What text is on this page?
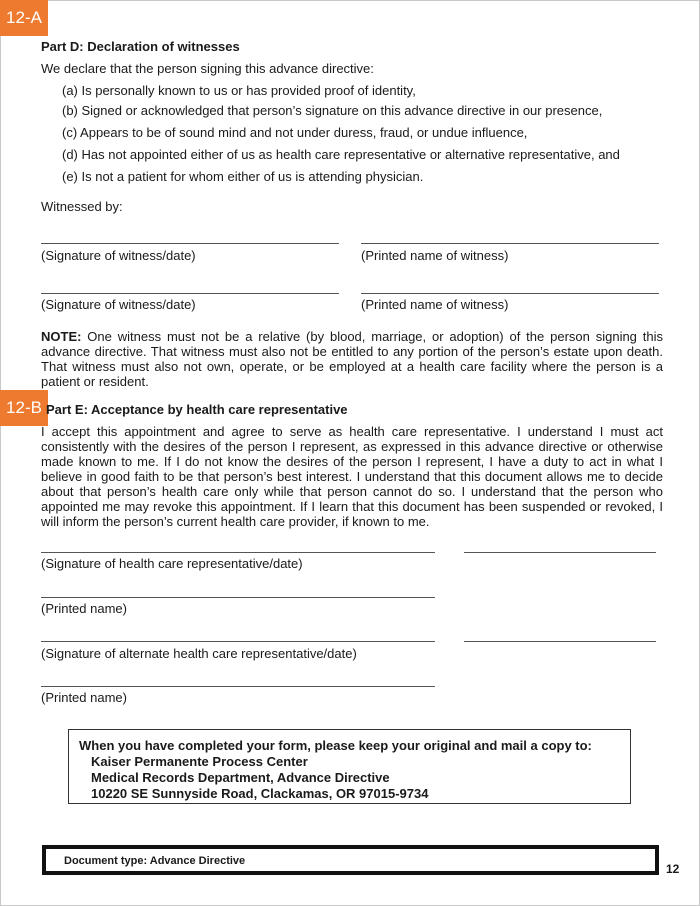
12-A
12-B
Part D: Declaration of witnesses
We declare that the person signing this advance directive:
(a) Is personally known to us or has provided proof of identity,
(b) Signed or acknowledged that person’s signature on this advance directive in our presence,
(c) Appears to be of sound mind and not under duress, fraud, or undue influence,
(d) Has not appointed either of us as health care representative or alternative representative, and
(e) Is not a patient for whom either of us is attending physician.
Witnessed by:
(Signature of witness/date)	(Printed name of witness)
(Signature of witness/date)	(Printed name of witness)
NOTE: One witness must not be a relative (by blood, marriage, or adoption) of the person signing this advance directive. That witness must also not be entitled to any portion of the person’s estate upon death. That witness must also not own, operate, or be employed at a health care facility where the person is a patient or resident.
Part E: Acceptance by health care representative
I accept this appointment and agree to serve as health care representative. I understand I must act consistently with the desires of the person I represent, as expressed in this advance directive or otherwise made known to me. If I do not know the desires of the person I represent, I have a duty to act in what I believe in good faith to be that person’s best interest. I understand that this document allows me to decide about that person’s health care only while that person cannot do so. I understand that the person who appointed me may revoke this appointment. If I learn that this document has been suspended or revoked, I will inform the person’s current health care provider, if known to me.
(Signature of health care representative/date)
(Printed name)
(Signature of alternate health care representative/date)
(Printed name)
When you have completed your form, please keep your original and mail a copy to:
Kaiser Permanente Process Center
Medical Records Department, Advance Directive
10220 SE Sunnyside Road, Clackamas, OR 97015-9734
Document type: Advance Directive
12
